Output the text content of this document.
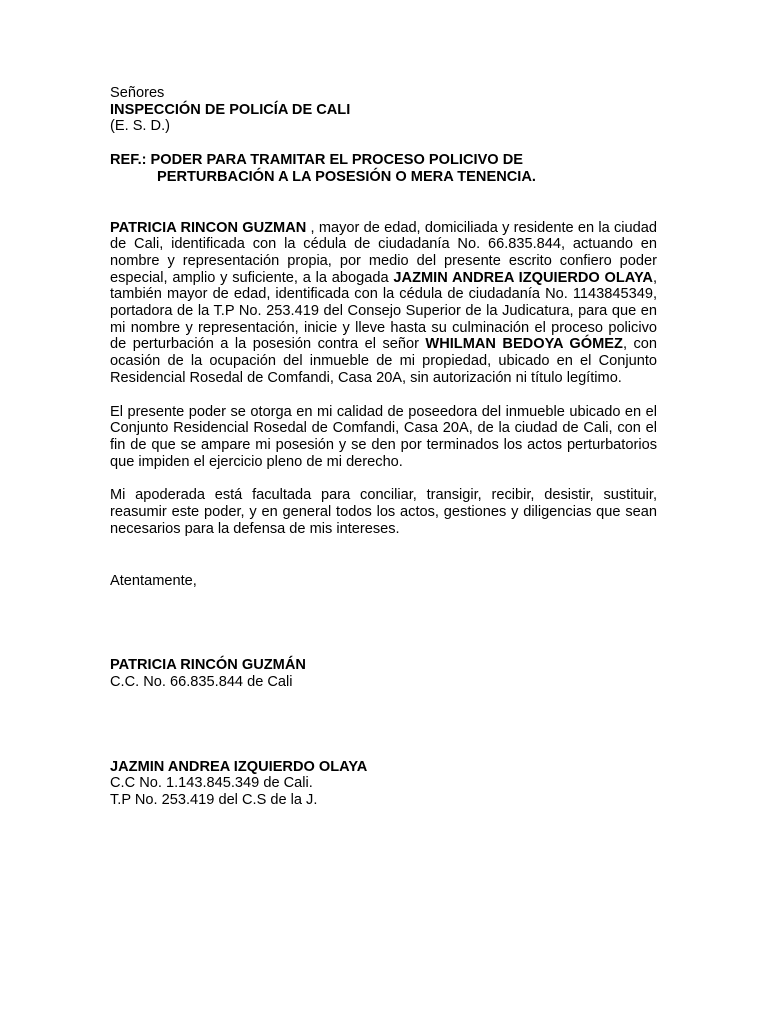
Señores
INSPECCIÓN DE POLICÍA DE CALI
(E. S. D.)
REF.: PODER PARA TRAMITAR EL PROCESO POLICIVO DE
PERTURBACIÓN A LA POSESIÓN O MERA TENENCIA.

PATRICIA RINCON GUZMAN , mayor de edad, domiciliada y residente en la ciudad de Cali, identificada con la cédula de ciudadanía No. 66.835.844, actuando en nombre y representación propia, por medio del presente escrito confiero poder especial, amplio y suficiente, a la abogada JAZMIN ANDREA IZQUIERDO OLAYA, también mayor de edad, identificada con la cédula de ciudadanía No. 1143845349, portadora de la T.P No. 253.419 del Consejo Superior de la Judicatura, para que en mi nombre y representación, inicie y lleve hasta su culminación el proceso policivo de perturbación a la posesión contra el señor WHILMAN BEDOYA GÓMEZ, con ocasión de la ocupación del inmueble de mi propiedad, ubicado en el Conjunto Residencial Rosedal de Comfandi, Casa 20A, sin autorización ni título legítimo.

El presente poder se otorga en mi calidad de poseedora del inmueble ubicado en el Conjunto Residencial Rosedal de Comfandi, Casa 20A, de la ciudad de Cali, con el fin de que se ampare mi posesión y se den por terminados los actos perturbatorios que impiden el ejercicio pleno de mi derecho.

Mi apoderada está facultada para conciliar, transigir, recibir, desistir, sustituir, reasumir este poder, y en general todos los actos, gestiones y diligencias que sean necesarios para la defensa de mis intereses.

Atentamente,
PATRICIA RINCÓN GUZMÁN
C.C. No. 66.835.844 de Cali
JAZMIN ANDREA IZQUIERDO OLAYA
C.C No. 1.143.845.349 de Cali.
T.P No. 253.419 del C.S de la J.
